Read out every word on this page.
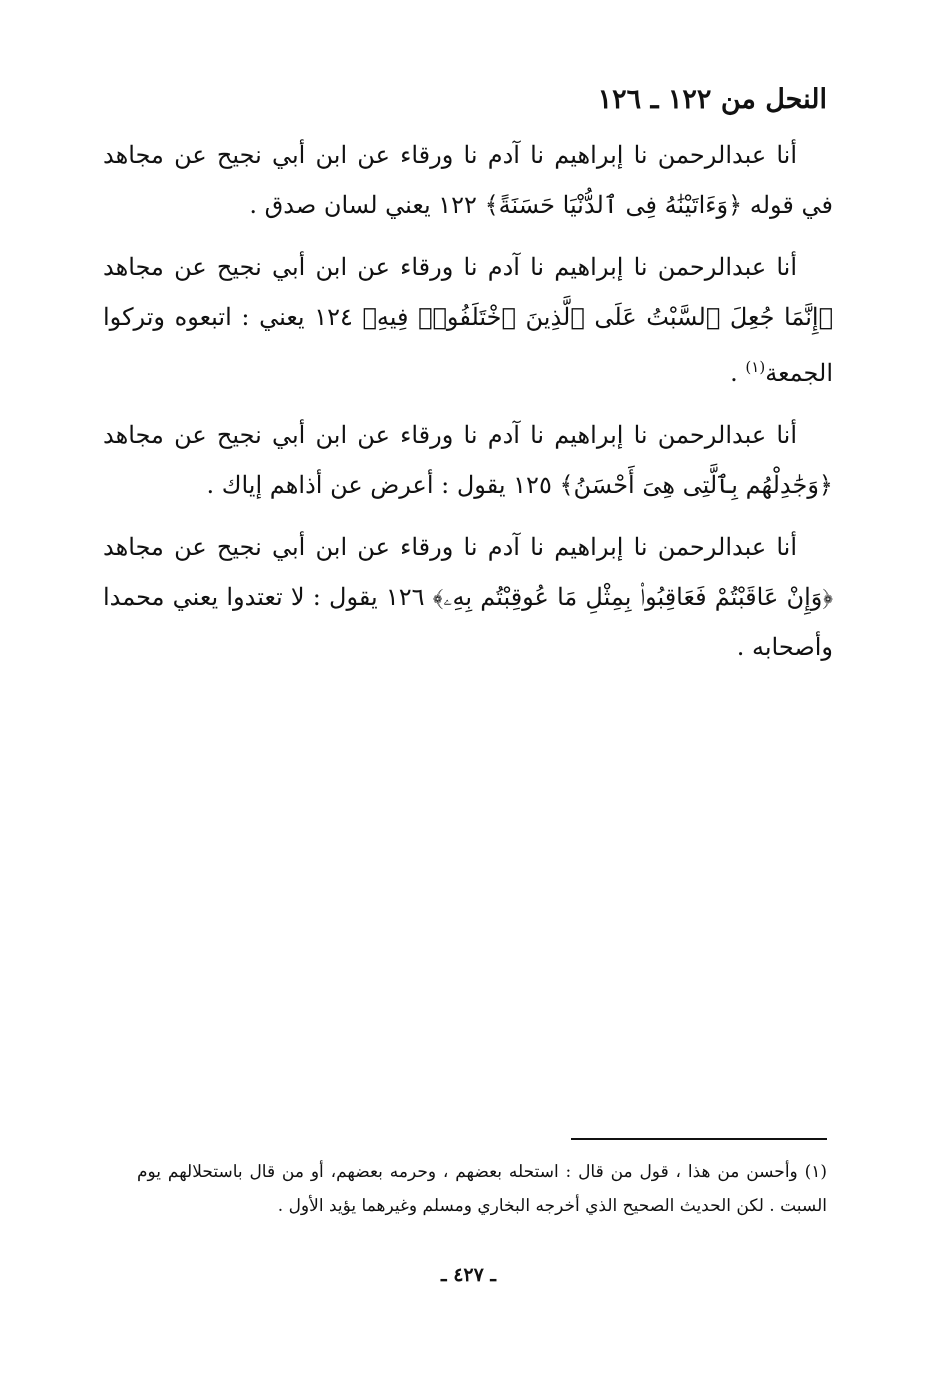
النحل من ١٢٢ ـ ١٢٦

أنا عبدالرحمن نا إبراهيم نا آدم نا ورقاء عن ابن أبي نجيح عن مجاهد في قوله ﴿وَءَاتَيْنَٰهُ فِى ٱلدُّنْيَا حَسَنَةً﴾ ١٢٢ يعني لسان صدق .

أنا عبدالرحمن نا إبراهيم نا آدم نا ورقاء عن ابن أبي نجيح عن مجاهد ﴿إِنَّمَا جُعِلَ ٱلسَّبْتُ عَلَى ٱلَّذِينَ ٱخْتَلَفُوا۟ فِيهِ﴾ ١٢٤ يعني : اتبعوه وتركوا الجمعة$^{(١)}$ .

أنا عبدالرحمن نا إبراهيم نا آدم نا ورقاء عن ابن أبي نجيح عن مجاهد ﴿وَجَٰدِلْهُم بِٱلَّتِى هِىَ أَحْسَنُ﴾ ١٢٥ يقول : أعرض عن أذاهم إياك .

أنا عبدالرحمن نا إبراهيم نا آدم نا ورقاء عن ابن أبي نجيح عن مجاهد ﴿وَإِنْ عَاقَبْتُمْ فَعَاقِبُوا۟ بِمِثْلِ مَا عُوقِبْتُم بِهِۦ﴾ ١٢٦ يقول : لا تعتدوا يعني محمدا وأصحابه .

(١) وأحسن من هذا ، قول من قال : استحله بعضهم ، وحرمه بعضهم، أو من قال باستحلالهم يوم السبت . لكن الحديث الصحيح الذي أخرجه البخاري ومسلم وغيرهما يؤيد الأول .

ـ ٤٢٧ ـ
